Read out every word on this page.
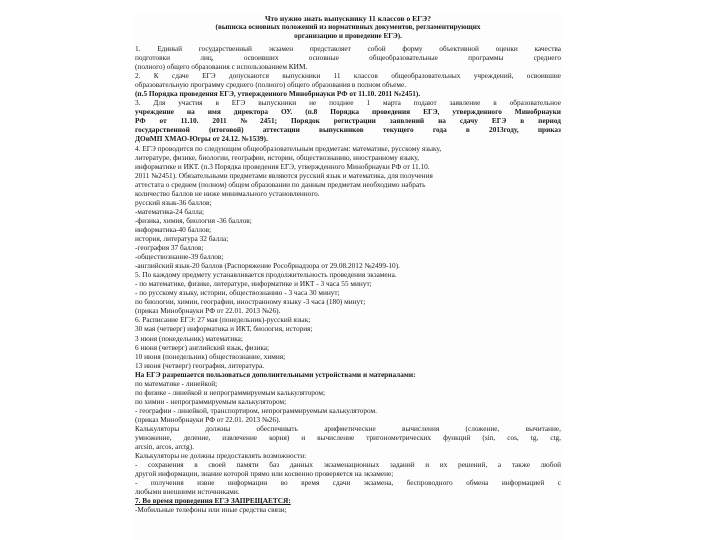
Что нужно знать выпускнику 11 классов о ЕГЭ?

(выписка основных положений из нормативных документов, регламентирующих

организацию и проведение ЕГЭ).

1. Единый государственный экзамен представляет собой форму объективной оценки качества

подготовки лиц, освоивших основные общеобразовательные программы среднего

(полного) общего образования с использованием КИМ.

2. К сдаче ЕГЭ допускаются выпускники 11 классов общеобразовательных учреждений, освоившие

образовательную программу среднего (полного) общего образования в полном объеме.

(п.5 Порядка проведения ЕГЭ, утвержденного Минобрнауки РФ от 11.10. 2011 №2451).

3. Для участия в ЕГЭ выпускники не позднее 1 марта подают заявление в образовательное

учреждение на имя директора ОУ. (п.8 Порядка проведения ЕГЭ, утвержденного Минобрнауки

РФ от 11.10. 2011 №2451; Порядок регистрации заявлений на сдачу ЕГЭ в период

государственной (итоговой) аттестации выпускников текущего года в 2013году, приказ

ДОиМП ХМАО-Югры от 24.12. №1539).

4. ЕГЭ проводится по следующим общеобразовательным предметам: математике, русскому языку,

литературе, физике, биологии, географии, истории, обществознанию, иностранному языку,

информатике и ИКТ. (п.3 Порядка проведения ЕГЭ, утвержденного Минобрнауки РФ от 11.10.

2011 №2451). Обязательными предметами являются русский язык и математика, для получения

аттестата о среднем (полном) общем образовании по данным предметам необходимо набрать

количество баллов не ниже минимального установленного.

русский язык-36 баллов;

-математика-24 балла;

-физика, химия, биология -36 баллов;

информатика-40 баллов;

история, литература 32 балла;

-география 37 баллов;

-обществознание-39 баллов;

-английский язык-20 баллов (Распоряжение Рособрнадзора от 29.08.2012 №2499-10).

5. По каждому предмету устанавливается продолжительность проведения экзамена.

- по математике, физике, литературе, информатике и ИКТ - 3 часа 55 минут;

- по русскому языку, истории, обществознанию - 3 часа 30 минут;

по биологии, химии, географии, иностранному языку -3 часа (180) минут;

(приказ Минобрнауки РФ от 22.01. 2013 №26).

6. Расписание ЕГЭ: 27 мая (понедельник)-русский язык;

30 мая (четверг) информатика и ИКТ, биология, история;

3 июня (понедельник) математика;

6 июня (четверг) английский язык, физика;

10 июня (понедельник) обществознание, химия;

13 июня (четверг) география, литература.

На ЕГЭ разрешается пользоваться дополнительными устройствами и материалами:

по математике - линейкой;

по физике - линейкой и непрограммируемым калькулятором;

по химии - непрограммируемым калькулятором;

- географии - линейкой, транспортиром, непрограммируемым калькулятором.

(приказ Минобрнауки РФ от 22.01. 2013 №26).

Калькуляторы должны обеспечивать арифметические вычисления (сложение, вычитание,

умножение, деление, извлечение корня) и вычисление тригонометрических функций (sin, cos, tg, ctg,

arcsin, arcos, arctg).

Калькуляторы не должны предоставлять возможности:

- сохранения в своей памяти баз данных экзаменационных заданий и их решений, а также любой

другой информации, знание которой прямо или косвенно проверяется на экзамене;

- получения извне информации во время сдачи экзамена, беспроводного обмена информацией с

любыми внешними источниками.

7. Во время проведения ЕГЭ ЗАПРЕЩАЕТСЯ:

-Мобильные телефоны или иные средства связи;
